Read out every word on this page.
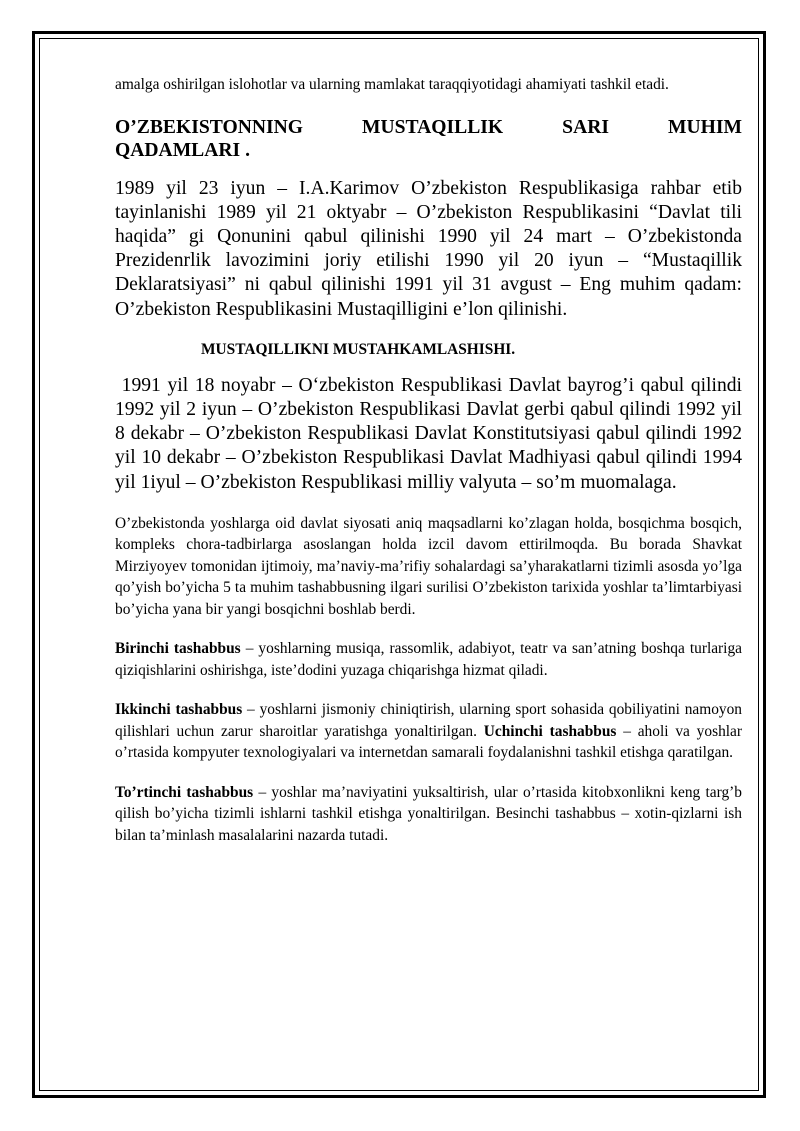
amalga oshirilgan islohotlar va ularning mamlakat taraqqiyotidagi ahamiyati tashkil etadi.

O’ZBEKISTONNING MUSTAQILLIK SARI MUHIM
QADAMLARI .

1989 yil 23 iyun – I.A.Karimov O’zbekiston Respublikasiga rahbar etib tayinlanishi 1989 yil 21 oktyabr – O’zbekiston Respublikasini “Davlat tili haqida” gi Qonunini qabul qilinishi 1990 yil 24 mart – O’zbekistonda Prezidenrlik lavozimini joriy etilishi 1990 yil 20 iyun – “Mustaqillik Deklaratsiyasi” ni qabul qilinishi 1991 yil 31 avgust – Eng muhim qadam: O’zbekiston Respublikasini Mustaqilligini e’lon qilinishi.

MUSTAQILLIKNI MUSTAHKAMLASHISHI.

1991 yil 18 noyabr – O‘zbekiston Respublikasi Davlat bayrog’i qabul qilindi 1992 yil 2 iyun – O’zbekiston Respublikasi Davlat gerbi qabul qilindi 1992 yil 8 dekabr – O’zbekiston Respublikasi Davlat Konstitutsiyasi qabul qilindi 1992 yil 10 dekabr – O’zbekiston Respublikasi Davlat Madhiyasi qabul qilindi 1994 yil 1iyul – O’zbekiston Respublikasi milliy valyuta – so’m muomalaga.

O’zbekistonda yoshlarga oid davlat siyosati aniq maqsadlarni ko’zlagan holda, bosqichma bosqich, kompleks chora-tadbirlarga asoslangan holda izcil davom ettirilmoqda. Bu borada Shavkat Mirziyoyev tomonidan ijtimoiy, ma’naviy-ma’rifiy sohalardagi sa’yharakatlarni tizimli asosda yo’lga qo’yish bo’yicha 5 ta muhim tashabbusning ilgari surilisi O’zbekiston tarixida yoshlar ta’limtarbiyasi bo’yicha yana bir yangi bosqichni boshlab berdi.

Birinchi tashabbus – yoshlarning musiqa, rassomlik, adabiyot, teatr va san’atning boshqa turlariga qiziqishlarini oshirishga, iste’dodini yuzaga chiqarishga hizmat qiladi.

Ikkinchi tashabbus – yoshlarni jismoniy chiniqtirish, ularning sport sohasida qobiliyatini namoyon qilishlari uchun zarur sharoitlar yaratishga yonaltirilgan. Uchinchi tashabbus – aholi va yoshlar o’rtasida kompyuter texnologiyalari va internetdan samarali foydalanishni tashkil etishga qaratilgan.

To’rtinchi tashabbus – yoshlar ma’naviyatini yuksaltirish, ular o’rtasida kitobxonlikni keng targ’b qilish bo’yicha tizimli ishlarni tashkil etishga yonaltirilgan. Besinchi tashabbus – xotin-qizlarni ish bilan ta’minlash masalalarini nazarda tutadi.
